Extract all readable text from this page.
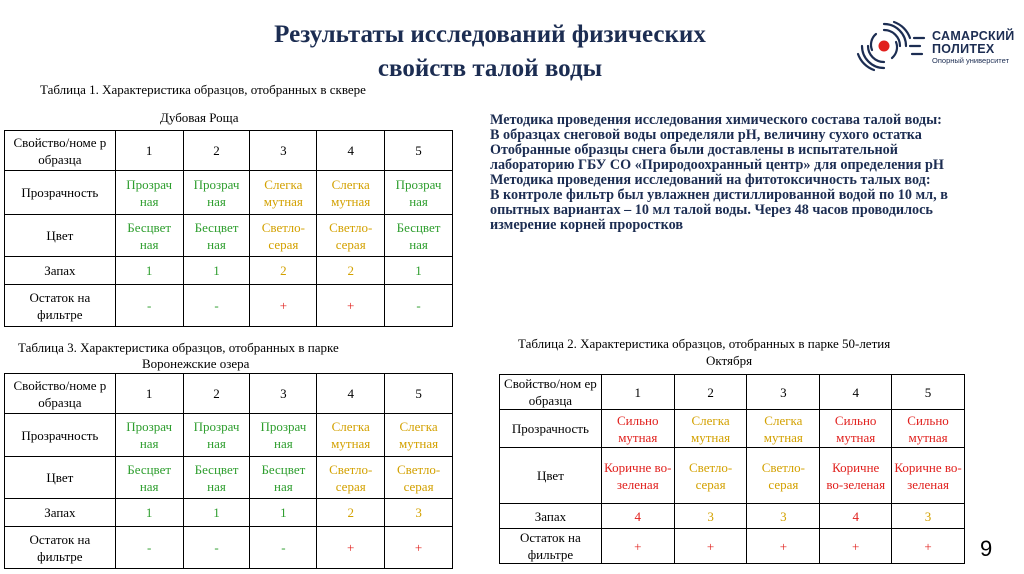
Результаты исследований физических
свойств талой воды
САМАРСКИЙ
ПОЛИТЕХ
Опорный университет
Таблица 1. Характеристика образцов, отобранных в сквере
Дубовая Роща
Свойство/номе р образца	1	2	3	4	5
Прозрачность	Прозрач ная	Прозрач ная	Слегка мутная	Слегка мутная	Прозрач ная
Цвет	Бесцвет ная	Бесцвет ная	Светло-серая	Светло-серая	Бесцвет ная
Запах	1	1	2	2	1
Остаток на фильтре	-	-	+	+	-
Таблица 3. Характеристика образцов, отобранных в парке
Воронежские озера
Свойство/номе р образца	1	2	3	4	5
Прозрачность	Прозрач ная	Прозрач ная	Прозрач ная	Слегка мутная	Слегка мутная
Цвет	Бесцвет ная	Бесцвет ная	Бесцвет ная	Светло-серая	Светло-серая
Запах	1	1	1	2	3
Остаток на фильтре	-	-	-	+	+

Методика проведения исследования химического состава талой воды:

В образцах снеговой воды определяли рН, величину сухого остатка

Отобранные образцы снега были доставлены в испытательной лабораторию ГБУ СО «Природоохранный центр» для определения рН

Методика проведения исследований на фитотоксичность талых вод:

В контроле фильтр был увлажнен дистиллированной водой по 10 мл, в опытных вариантах – 10 мл талой воды. Через 48 часов проводилось измерение корней проростков

Таблица 2. Характеристика образцов, отобранных в парке 50-летия
Октября
Свойство/ном ер образца	1	2	3	4	5
Прозрачность	Сильно мутная	Слегка мутная	Слегка мутная	Сильно мутная	Сильно мутная
Цвет	Коричне во-зеленая	Светло-серая	Светло-серая	Коричне во-зеленая	Коричне во-зеленая
Запах	4	3	3	4	3
Остаток на фильтре	+	+	+	+	+ 9
